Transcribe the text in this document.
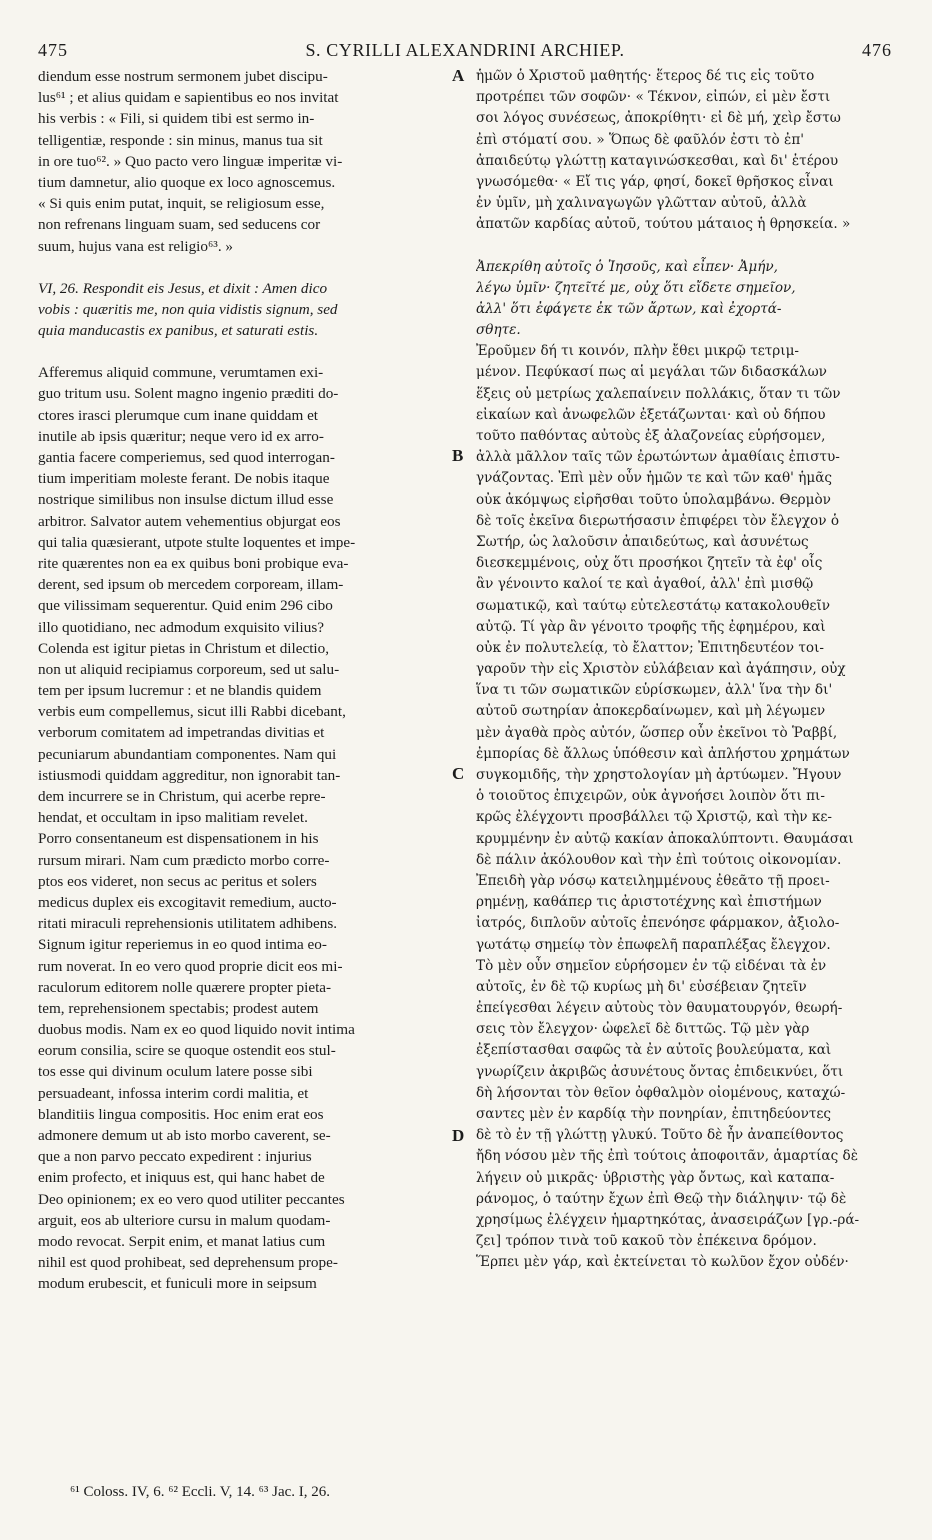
475	S. CYRILLI ALEXANDRINI ARCHIEP.	476
diendum esse nostrum sermonem jubet discipu-
lus⁶¹ ; et alius quidam e sapientibus eo nos invitat
his verbis : « Fili, si quidem tibi est sermo in-
telligentiæ, responde : sin minus, manus tua sit
in ore tuo⁶². » Quo pacto vero linguæ imperitæ vi-
tium damnetur, alio quoque ex loco agnoscemus.
« Si quis enim putat, inquit, se religiosum esse,
non refrenans linguam suam, sed seducens cor
suum, hujus vana est religio⁶³. »
VI, 26. Respondit eis Jesus, et dixit : Amen dico
vobis : quæritis me, non quia vidistis signum, sed
quia manducastis ex panibus, et saturati estis.
Afferemus aliquid commune, verumtamen exi-
guo tritum usu. Solent magno ingenio præditi do-
ctores irasci plerumque cum inane quiddam et
inutile ab ipsis quæritur; neque vero id ex arro-
gantia facere comperiemus, sed quod interrogan-
tium imperitiam moleste ferant. De nobis itaque
nostrique similibus non insulse dictum illud esse
arbitror. Salvator autem vehementius objurgat eos
qui talia quæsierant, utpote stulte loquentes et impe-
rite quærentes non ea ex quibus boni probique eva-
derent, sed ipsum ob mercedem corpoream, illam-
que vilissimam sequerentur. Quid enim 296 cibo
illo quotidiano, nec admodum exquisito vilius?
Colenda est igitur pietas in Christum et dilectio,
non ut aliquid recipiamus corporeum, sed ut salu-
tem per ipsum lucremur : et ne blandis quidem
verbis eum compellemus, sicut illi Rabbi dicebant,
verborum comitatem ad impetrandas divitias et
pecuniarum abundantiam componentes. Nam qui
istiusmodi quiddam aggreditur, non ignorabit tan-
dem incurrere se in Christum, qui acerbe repre-
hendat, et occultam in ipso malitiam revelet.
Porro consentaneum est dispensationem in his
rursum mirari. Nam cum prædicto morbo corre-
ptos eos videret, non secus ac peritus et solers
medicus duplex eis excogitavit remedium, aucto-
ritati miraculi reprehensionis utilitatem adhibens.
Signum igitur reperiemus in eo quod intima eo-
rum noverat. In eo vero quod proprie dicit eos mi-
raculorum editorem nolle quærere propter pieta-
tem, reprehensionem spectabis; prodest autem
duobus modis. Nam ex eo quod liquido novit intima
eorum consilia, scire se quoque ostendit eos stul-
tos esse qui divinum oculum latere posse sibi
persuadeant, infossa interim cordi malitia, et
blanditiis lingua compositis. Hoc enim erat eos
admonere demum ut ab isto morbo caverent, se-
que a non parvo peccato expedirent : injurius
enim profecto, et iniquus est, qui hanc habet de
Deo opinionem; ex eo vero quod utiliter peccantes
arguit, eos ab ulteriore cursu in malum quodam-
modo revocat. Serpit enim, et manat latius cum
nihil est quod prohibeat, sed deprehensum prope-
modum erubescit, et funiculi more in seipsum
ἡμῶν ὁ Χριστοῦ μαθητής· ἕτερος δέ τις εἰς τοῦτο
προτρέπει τῶν σοφῶν· « Τέκνον, εἰπών, εἰ μὲν ἔστι
σοι λόγος συνέσεως, ἀποκρίθητι· εἰ δὲ μή, χεὶρ ἔστω
ἐπὶ στόματί σου. » Ὅπως δὲ φαῦλόν ἐστι τὸ ἐπ'
ἀπαιδεύτῳ γλώττῃ καταγινώσκεσθαι, καὶ δι' ἑτέρου
γνωσόμεθα· « Εἴ τις γάρ, φησί, δοκεῖ θρῆσκος εἶναι
ἐν ὑμῖν, μὴ χαλιναγωγῶν γλῶτταν αὐτοῦ, ἀλλὰ
ἀπατῶν καρδίας αὐτοῦ, τούτου μάταιος ἡ θρησκεία. »
Ἀπεκρίθη αὐτοῖς ὁ Ἰησοῦς, καὶ εἶπεν· Ἀμήν,
λέγω ὑμῖν· ζητεῖτέ με, οὐχ ὅτι εἴδετε σημεῖον,
ἀλλ' ὅτι ἐφάγετε ἐκ τῶν ἄρτων, καὶ ἐχορτά-
σθητε.
Ἐροῦμεν δή τι κοινόν, πλὴν ἔθει μικρῷ τετριμ-
μένον. Πεφύκασί πως αἱ μεγάλαι τῶν διδασκάλων
ἕξεις οὐ μετρίως χαλεπαίνειν πολλάκις, ὅταν τι τῶν
εἰκαίων καὶ ἀνωφελῶν ἐξετάζωνται· καὶ οὐ δήπου
τοῦτο παθόντας αὐτοὺς ἐξ ἀλαζονείας εὑρήσομεν,
ἀλλὰ μᾶλλον ταῖς τῶν ἐρωτώντων ἀμαθίαις ἐπιστυ-
γνάζοντας. Ἐπὶ μὲν οὖν ἡμῶν τε καὶ τῶν καθ' ἡμᾶς
οὐκ ἀκόμψως εἰρῆσθαι τοῦτο ὑπολαμβάνω. Θερμὸν
δὲ τοῖς ἐκεῖνα διερωτήσασιν ἐπιφέρει τὸν ἔλεγχον ὁ
Σωτήρ, ὡς λαλοῦσιν ἀπαιδεύτως, καὶ ἀσυνέτως
διεσκεμμένοις, οὐχ ὅτι προσήκοι ζητεῖν τὰ ἐφ' οἷς
ἂν γένοιντο καλοί τε καὶ ἀγαθοί, ἀλλ' ἐπὶ μισθῷ
σωματικῷ, καὶ ταύτῳ εὐτελεστάτῳ κατακολουθεῖν
αὐτῷ. Τί γὰρ ἂν γένοιτο τροφῆς τῆς ἐφημέρου, καὶ
οὐκ ἐν πολυτελείᾳ, τὸ ἔλαττον; Ἐπιτηδευτέον τοι-
γαροῦν τὴν εἰς Χριστὸν εὐλάβειαν καὶ ἀγάπησιν, οὐχ
ἵνα τι τῶν σωματικῶν εὑρίσκωμεν, ἀλλ' ἵνα τὴν δι'
αὐτοῦ σωτηρίαν ἀποκερδαίνωμεν, καὶ μὴ λέγωμεν
μὲν ἀγαθὰ πρὸς αὐτόν, ὥσπερ οὖν ἐκεῖνοι τὸ Ῥαββί,
ἐμπορίας δὲ ἄλλως ὑπόθεσιν καὶ ἀπλήστου χρημάτων
συγκομιδῆς, τὴν χρηστολογίαν μὴ ἀρτύωμεν. Ἤγουν
ὁ τοιοῦτος ἐπιχειρῶν, οὐκ ἀγνοήσει λοιπὸν ὅτι πι-
κρῶς ἐλέγχοντι προσβάλλει τῷ Χριστῷ, καὶ τὴν κε-
κρυμμένην ἐν αὐτῷ κακίαν ἀποκαλύπτοντι. Θαυμάσαι
δὲ πάλιν ἀκόλουθον καὶ τὴν ἐπὶ τούτοις οἰκονομίαν.
Ἐπειδὴ γὰρ νόσῳ κατειλημμένους ἐθεᾶτο τῇ προει-
ρημένῃ, καθάπερ τις ἀριστοτέχνης καὶ ἐπιστήμων
ἰατρός, διπλοῦν αὐτοῖς ἐπενόησε φάρμακον, ἀξιολο-
γωτάτῳ σημείῳ τὸν ἐπωφελῆ παραπλέξας ἔλεγχον.
Τὸ μὲν οὖν σημεῖον εὑρήσομεν ἐν τῷ εἰδέναι τὰ ἐν
αὐτοῖς, ἐν δὲ τῷ κυρίως μὴ δι' εὐσέβειαν ζητεῖν
ἐπείγεσθαι λέγειν αὐτοὺς τὸν θαυματουργόν, θεωρή-
σεις τὸν ἔλεγχον· ὠφελεῖ δὲ διττῶς. Τῷ μὲν γὰρ
ἐξεπίστασθαι σαφῶς τὰ ἐν αὐτοῖς βουλεύματα, καὶ
γνωρίζειν ἀκριβῶς ἀσυνέτους ὄντας ἐπιδεικνύει, ὅτι
δὴ λήσονται τὸν θεῖον ὀφθαλμὸν οἰομένους, καταχώ-
σαντες μὲν ἐν καρδίᾳ τὴν πονηρίαν, ἐπιτηδεύοντες
δὲ τὸ ἐν τῇ γλώττῃ γλυκύ. Τοῦτο δὲ ἦν ἀναπείθοντος
ἤδη νόσου μὲν τῆς ἐπὶ τούτοις ἀποφοιτᾶν, ἁμαρτίας δὲ
λήγειν οὐ μικρᾶς· ὑβριστὴς γὰρ ὄντως, καὶ καταπα-
ράνομος, ὁ ταύτην ἔχων ἐπὶ Θεῷ τὴν διάληψιν· τῷ δὲ
χρησίμως ἐλέγχειν ἡμαρτηκότας, ἀνασειράζων [γρ.-ρά-
ζει] τρόπον τινὰ τοῦ κακοῦ τὸν ἐπέκεινα δρόμον.
Ἕρπει μὲν γάρ, καὶ ἐκτείνεται τὸ κωλῦον ἔχον οὐδέν·
A
B
C
D
⁶¹ Coloss. IV, 6. ⁶² Eccli. V, 14. ⁶³ Jac. I, 26.
